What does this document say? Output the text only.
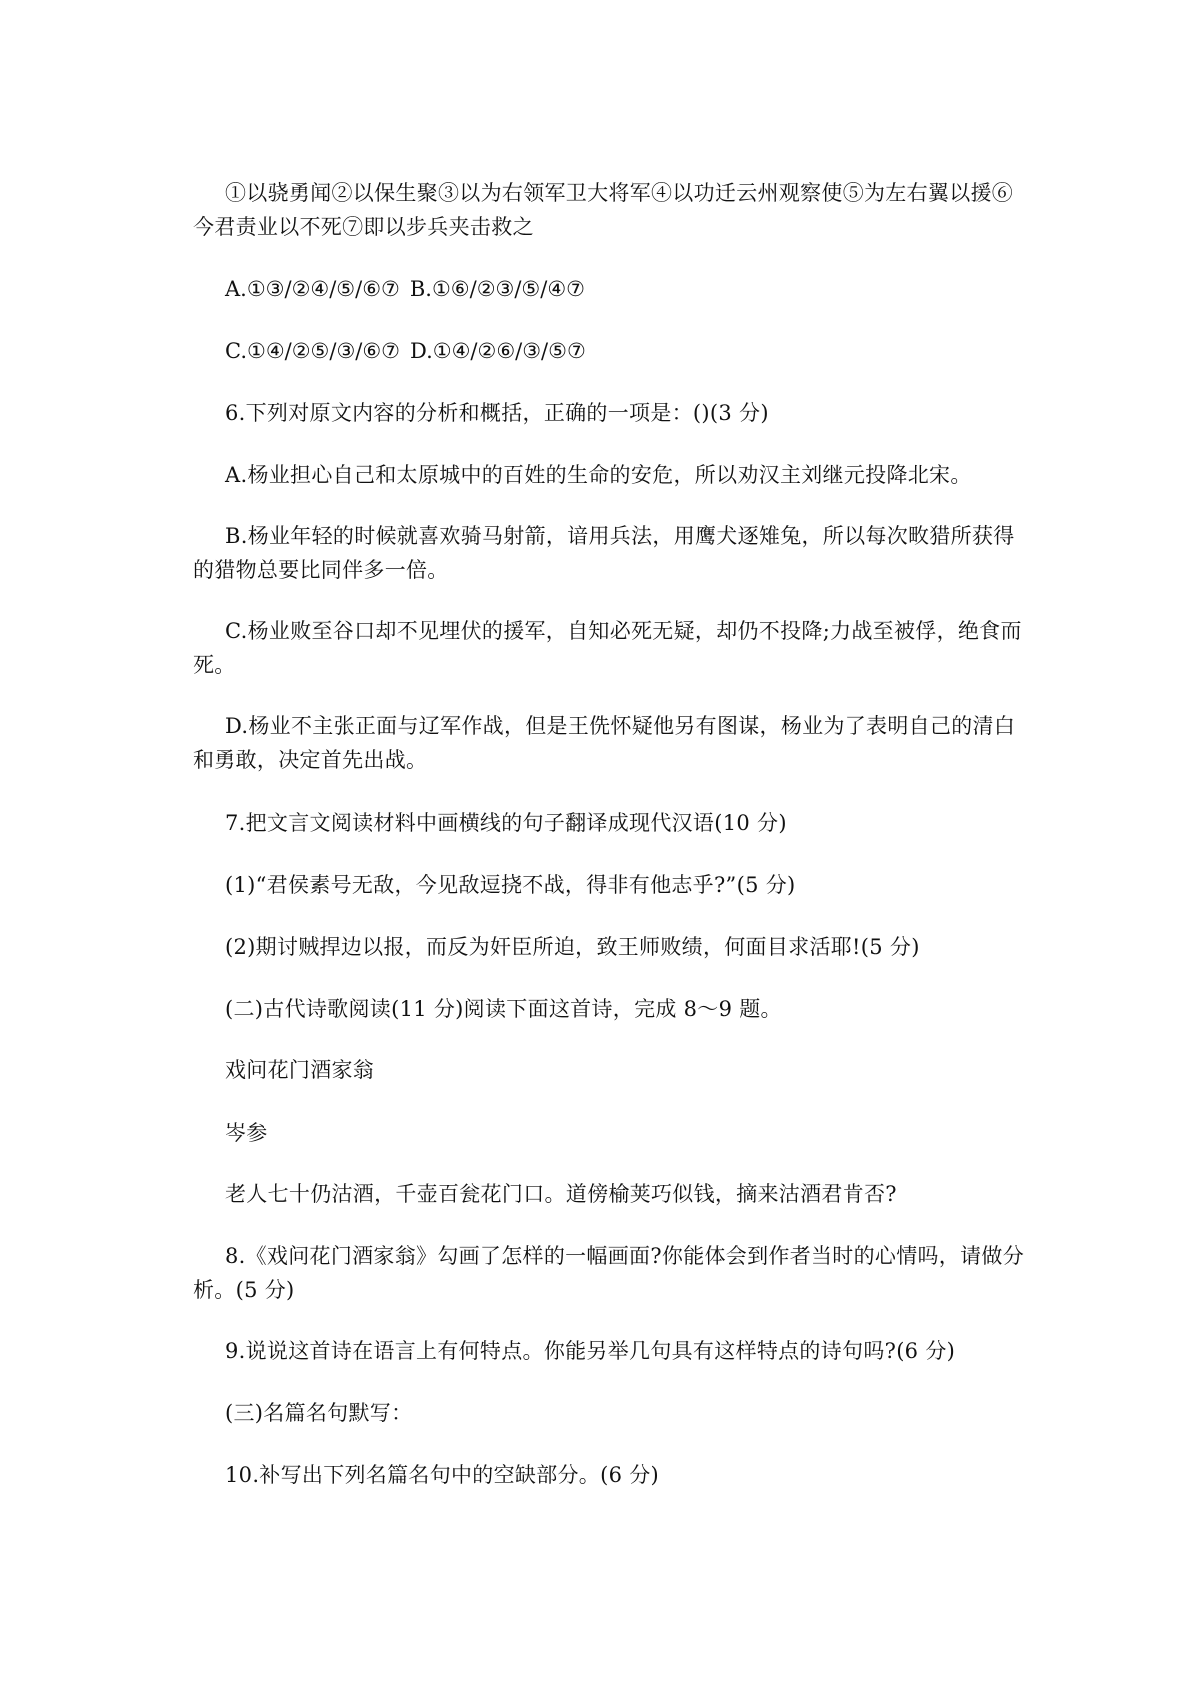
①以骁勇闻②以保生聚③以为右领军卫大将军④以功迁云州观察使⑤为左右翼以援⑥今君责业以不死⑦即以步兵夹击救之

A.①③/②④/⑤/⑥⑦ B.①⑥/②③/⑤/④⑦

C.①④/②⑤/③/⑥⑦ D.①④/②⑥/③/⑤⑦

6.下列对原文内容的分析和概括，正确的一项是：()(3 分)

A.杨业担心自己和太原城中的百姓的生命的安危，所以劝汉主刘继元投降北宋。

B.杨业年轻的时候就喜欢骑马射箭，谙用兵法，用鹰犬逐雉兔，所以每次畋猎所获得的猎物总要比同伴多一倍。

C.杨业败至谷口却不见埋伏的援军，自知必死无疑，却仍不投降;力战至被俘，绝食而死。

D.杨业不主张正面与辽军作战，但是王侁怀疑他另有图谋，杨业为了表明自己的清白和勇敢，决定首先出战。

7.把文言文阅读材料中画横线的句子翻译成现代汉语(10 分)

(1)“君侯素号无敌，今见敌逗挠不战，得非有他志乎?”(5 分)

(2)期讨贼捍边以报，而反为奸臣所迫，致王师败绩，何面目求活耶!(5 分)

(二)古代诗歌阅读(11 分)阅读下面这首诗，完成 8～9 题。

戏问花门酒家翁

岑参

老人七十仍沽酒，千壶百瓮花门口。道傍榆荚巧似钱，摘来沽酒君肯否?

8.《戏问花门酒家翁》勾画了怎样的一幅画面?你能体会到作者当时的心情吗，请做分析。(5 分)

9.说说这首诗在语言上有何特点。你能另举几句具有这样特点的诗句吗?(6 分)

(三)名篇名句默写：

10.补写出下列名篇名句中的空缺部分。(6 分)
